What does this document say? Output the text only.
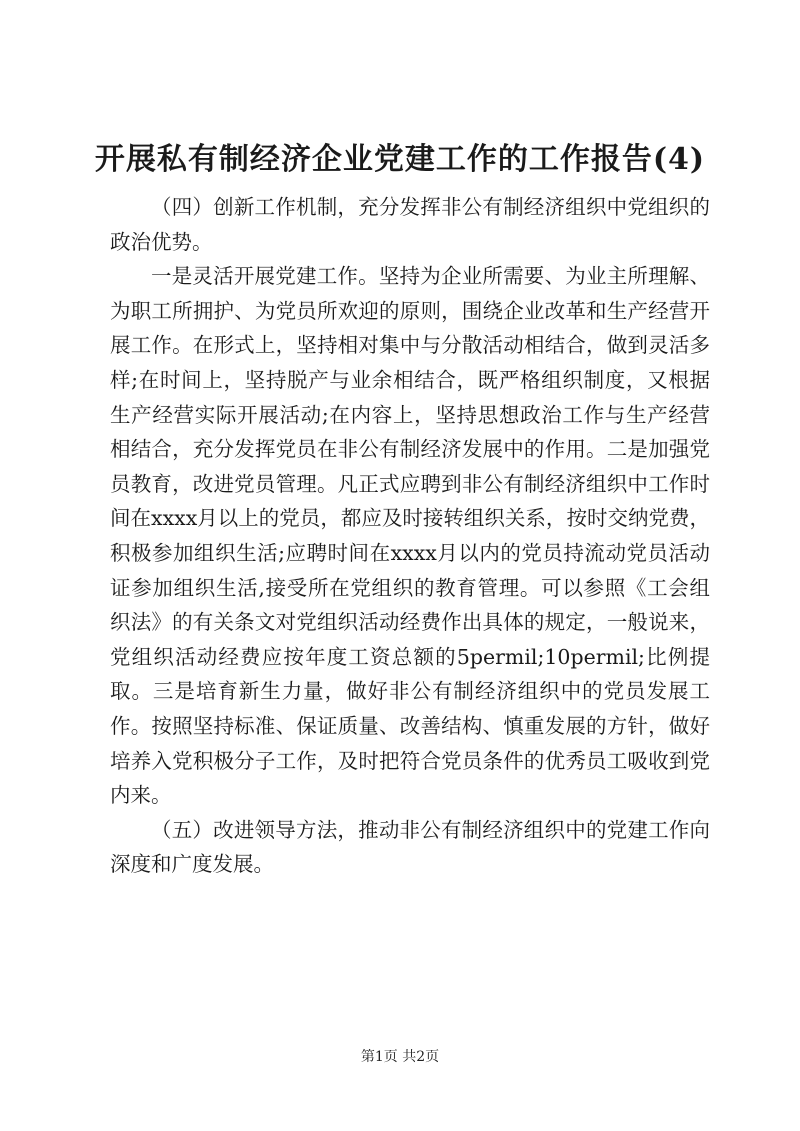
开展私有制经济企业党建工作的工作报告(4)

（四）创新工作机制，充分发挥非公有制经济组织中党组织的政治优势。

一是灵活开展党建工作。坚持为企业所需要、为业主所理解、为职工所拥护、为党员所欢迎的原则，围绕企业改革和生产经营开展工作。在形式上，坚持相对集中与分散活动相结合，做到灵活多样;在时间上，坚持脱产与业余相结合，既严格组织制度，又根据生产经营实际开展活动;在内容上，坚持思想政治工作与生产经营相结合，充分发挥党员在非公有制经济发展中的作用。二是加强党员教育，改进党员管理。凡正式应聘到非公有制经济组织中工作时间在xxxx月以上的党员，都应及时接转组织关系，按时交纳党费，积极参加组织生活;应聘时间在xxxx月以内的党员持流动党员活动证参加组织生活,接受所在党组织的教育管理。可以参照《工会组织法》的有关条文对党组织活动经费作出具体的规定，一般说来，党组织活动经费应按年度工资总额的5permil;10permil;比例提取。三是培育新生力量，做好非公有制经济组织中的党员发展工作。按照坚持标准、保证质量、改善结构、慎重发展的方针，做好培养入党积极分子工作，及时把符合党员条件的优秀员工吸收到党内来。

（五）改进领导方法，推动非公有制经济组织中的党建工作向深度和广度发展。

第1页 共2页
